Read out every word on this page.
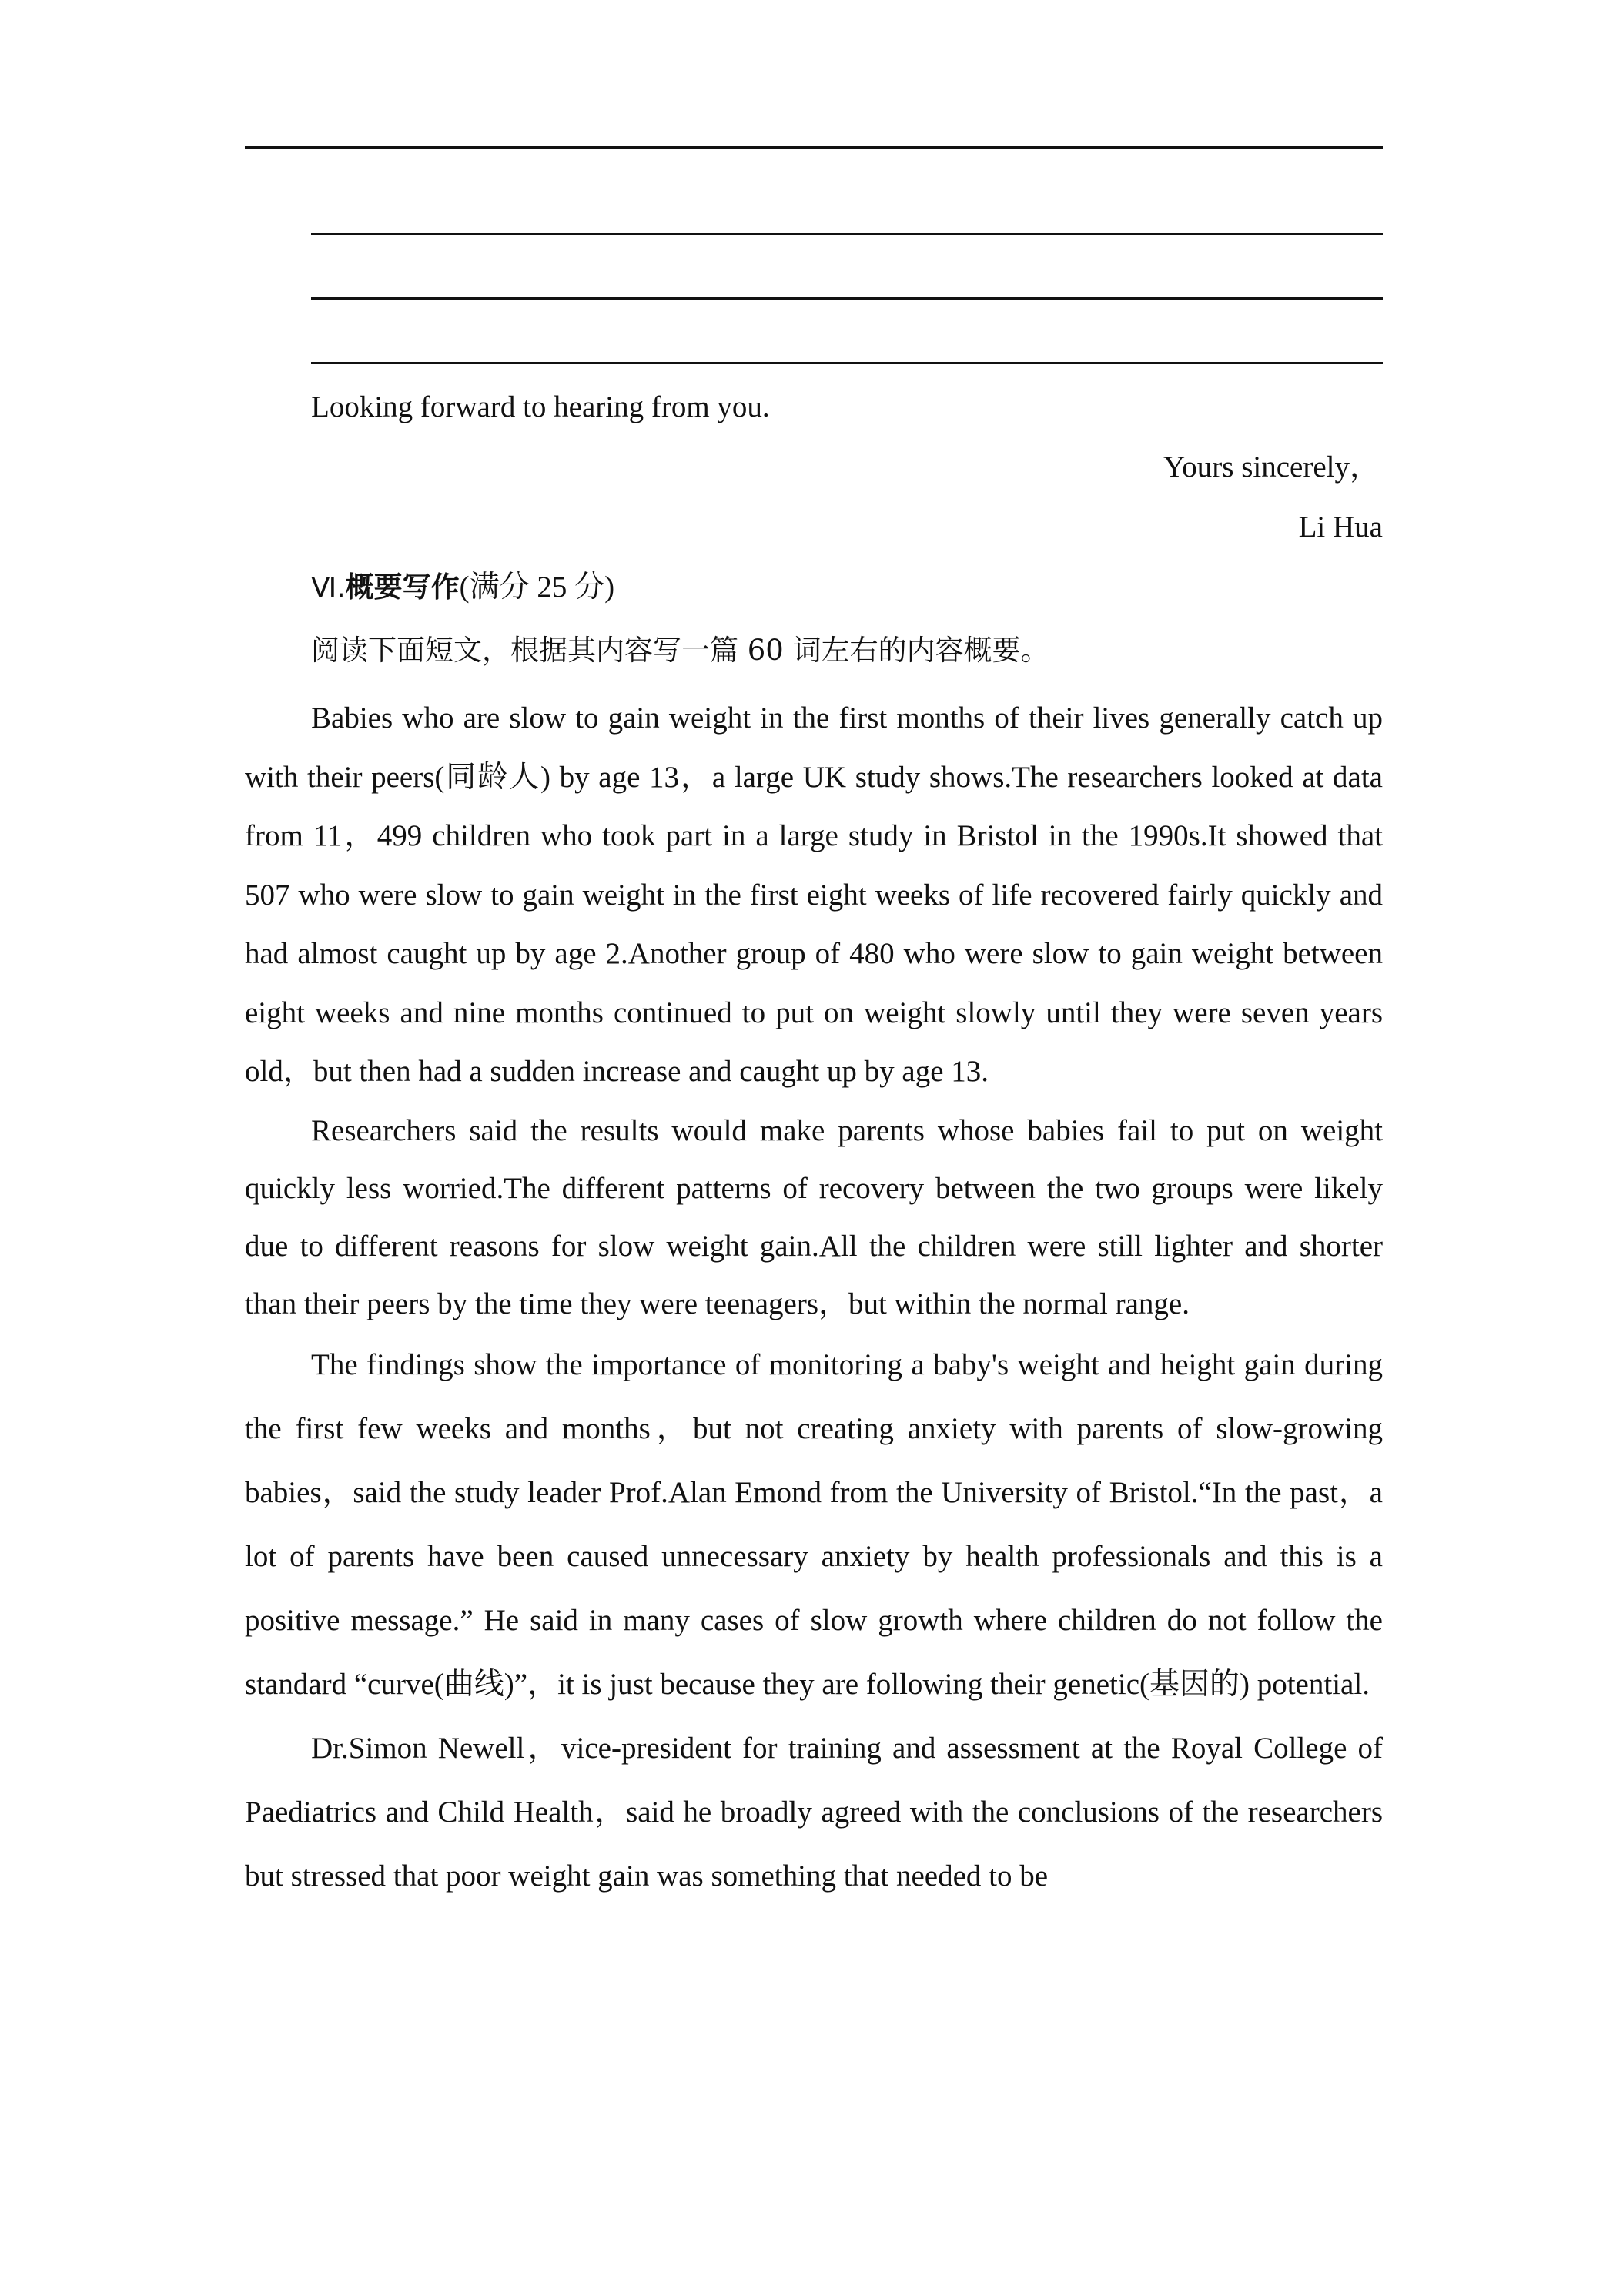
Looking forward to hearing from you.
Yours sincerely，
Li Hua
Ⅵ.概要写作(满分 25 分)
阅读下面短文，根据其内容写一篇 60 词左右的内容概要。

Babies who are slow to gain weight in the first months of their lives generally catch up with their peers(同龄人) by age 13，a large UK study shows.The researchers looked at data from 11，499 children who took part in a large study in Bristol in the 1990s.It showed that 507 who were slow to gain weight in the first eight weeks of life recovered fairly quickly and had almost caught up by age 2.Another group of 480 who were slow to gain weight between eight weeks and nine months continued to put on weight slowly until they were seven years old，but then had a sudden increase and caught up by age 13.

Researchers said the results would make parents whose babies fail to put on weight quickly less worried.The different patterns of recovery between the two groups were likely due to different reasons for slow weight gain.All the children were still lighter and shorter than their peers by the time they were teenagers，but within the normal range.

The findings show the importance of monitoring a baby's weight and height gain during the first few weeks and months，but not creating anxiety with parents of slow-growing babies，said the study leader Prof.Alan Emond from the University of Bristol.“In the past，a lot of parents have been caused unnecessary anxiety by health professionals and this is a positive message.” He said in many cases of slow growth where children do not follow the standard “curve(曲线)”，it is just because they are following their genetic(基因的) potential.

Dr.Simon Newell，vice-president for training and assessment at the Royal College of Paediatrics and Child Health，said he broadly agreed with the conclusions of the researchers but stressed that poor weight gain was something that needed to be
